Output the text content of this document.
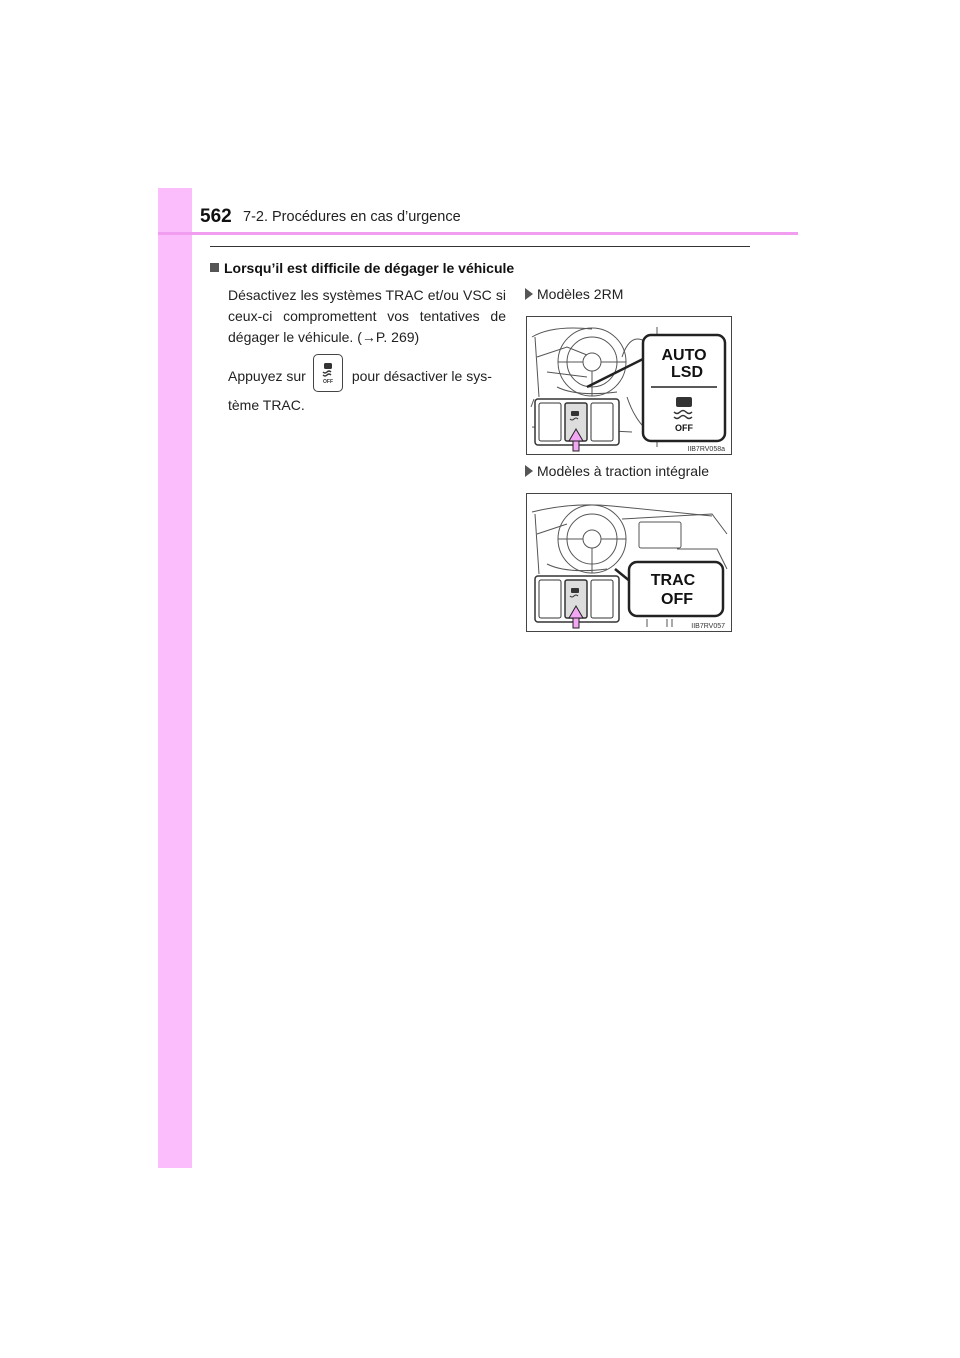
562 7-2. Procédures en cas d’urgence
Lorsqu’il est difficile de dégager le véhicule
Désactivez les systèmes TRAC et/ou VSC si ceux-ci compromettent vos tentatives de dégager le véhicule. (→P. 269)
Appuyez sur	pour désactiver le sys-
tème TRAC.
OFF
Modèles 2RM
AUTO
LSD
OFF
IIB7RV058a
Modèles à traction intégrale
TRAC
OFF
IIB7RV057
